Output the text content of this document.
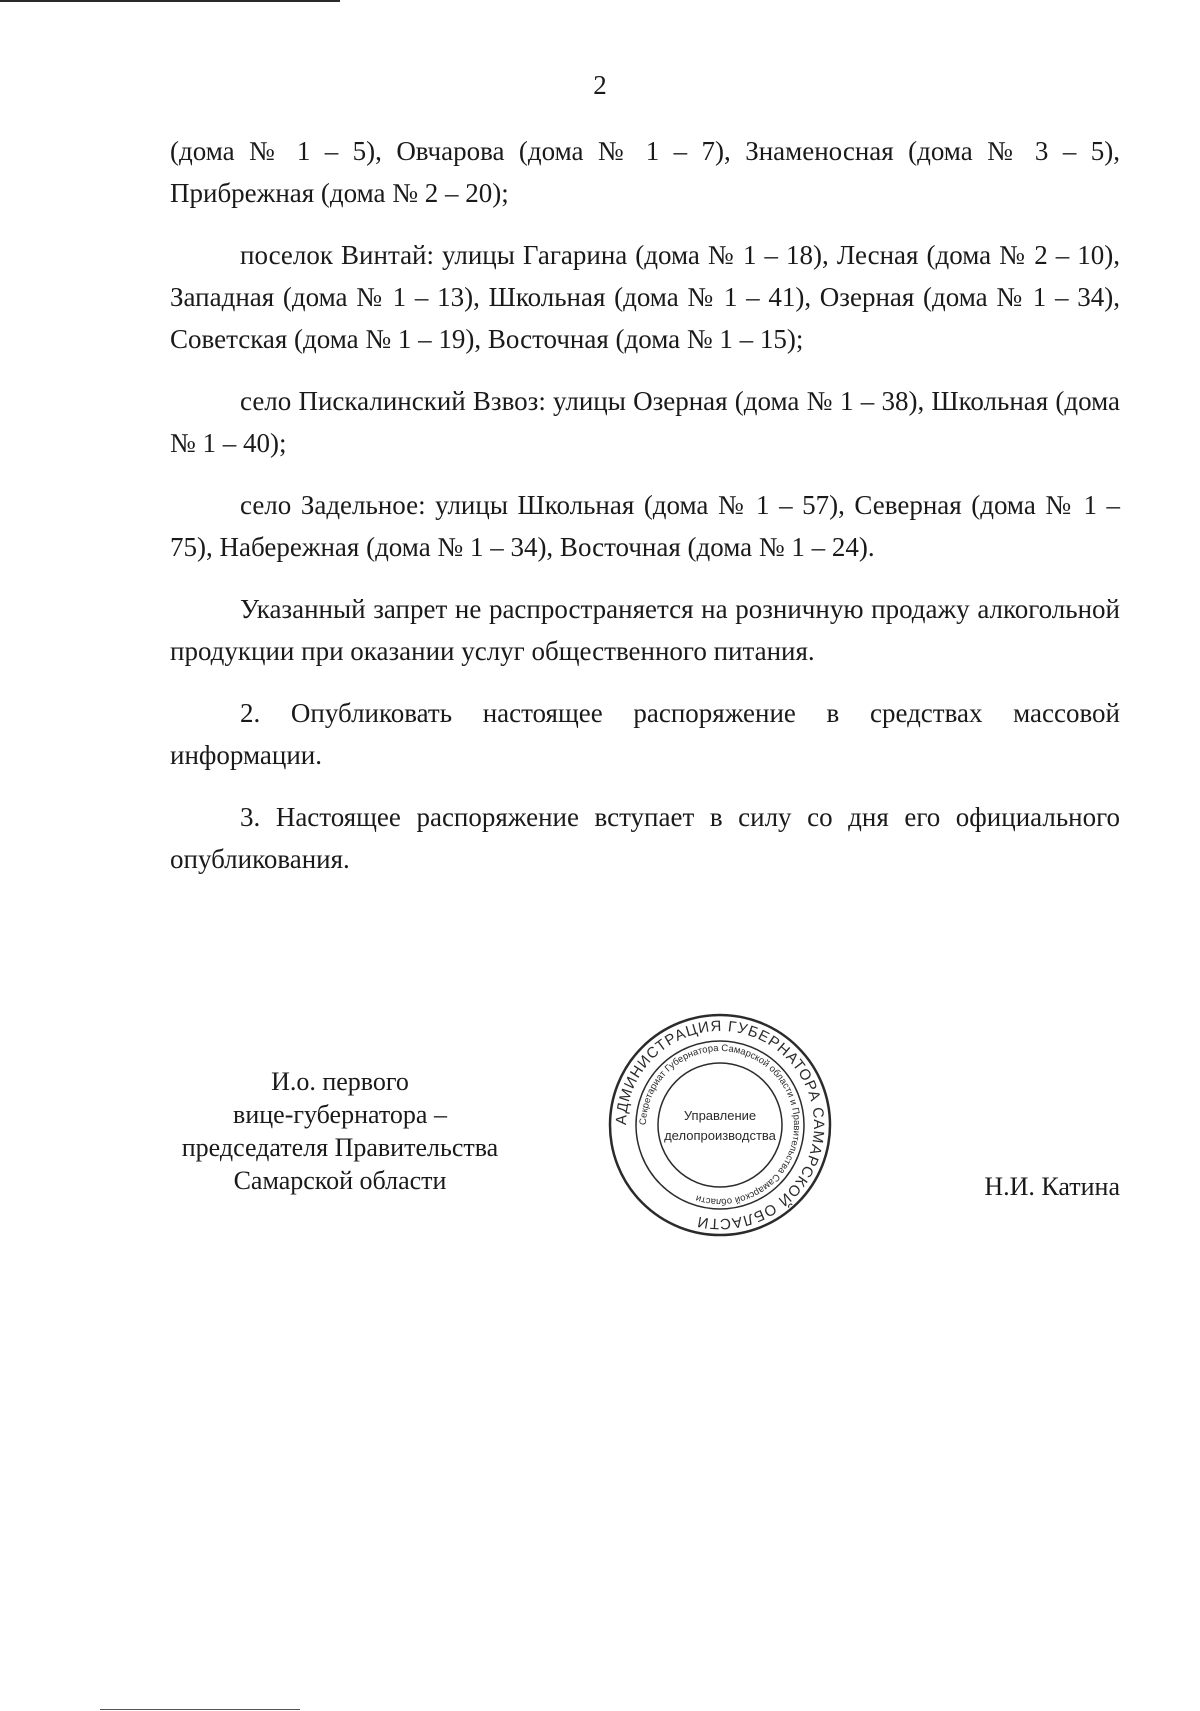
2

(дома № 1 – 5), Овчарова (дома № 1 – 7), Знаменосная (дома № 3 – 5), Прибрежная (дома № 2 – 20);

поселок Винтай: улицы Гагарина (дома № 1 – 18), Лесная (дома № 2 – 10), Западная (дома № 1 – 13), Школьная (дома № 1 – 41), Озерная (дома № 1 – 34), Советская (дома № 1 – 19), Восточная (дома № 1 – 15);

село Пискалинский Взвоз: улицы Озерная (дома № 1 – 38), Школьная (дома № 1 – 40);

село Задельное: улицы Школьная (дома № 1 – 57), Северная (дома № 1 – 75), Набережная (дома № 1 – 34), Восточная (дома № 1 – 24).

Указанный запрет не распространяется на розничную продажу алкогольной продукции при оказании услуг общественного питания.

2. Опубликовать настоящее распоряжение в средствах массовой информации.

3. Настоящее распоряжение вступает в силу со дня его официального опубликования.

И.о. первого
вице-губернатора –
председателя Правительства
Самарской области
АДМИНИСТРАЦИЯ ГУБЕРНАТОРА САМАРСКОЙ ОБЛАСТИ
Секретариат Губернатора Самарской области и Правительства Самарской области
Управление
делопроизводства
Н.И. Катина
